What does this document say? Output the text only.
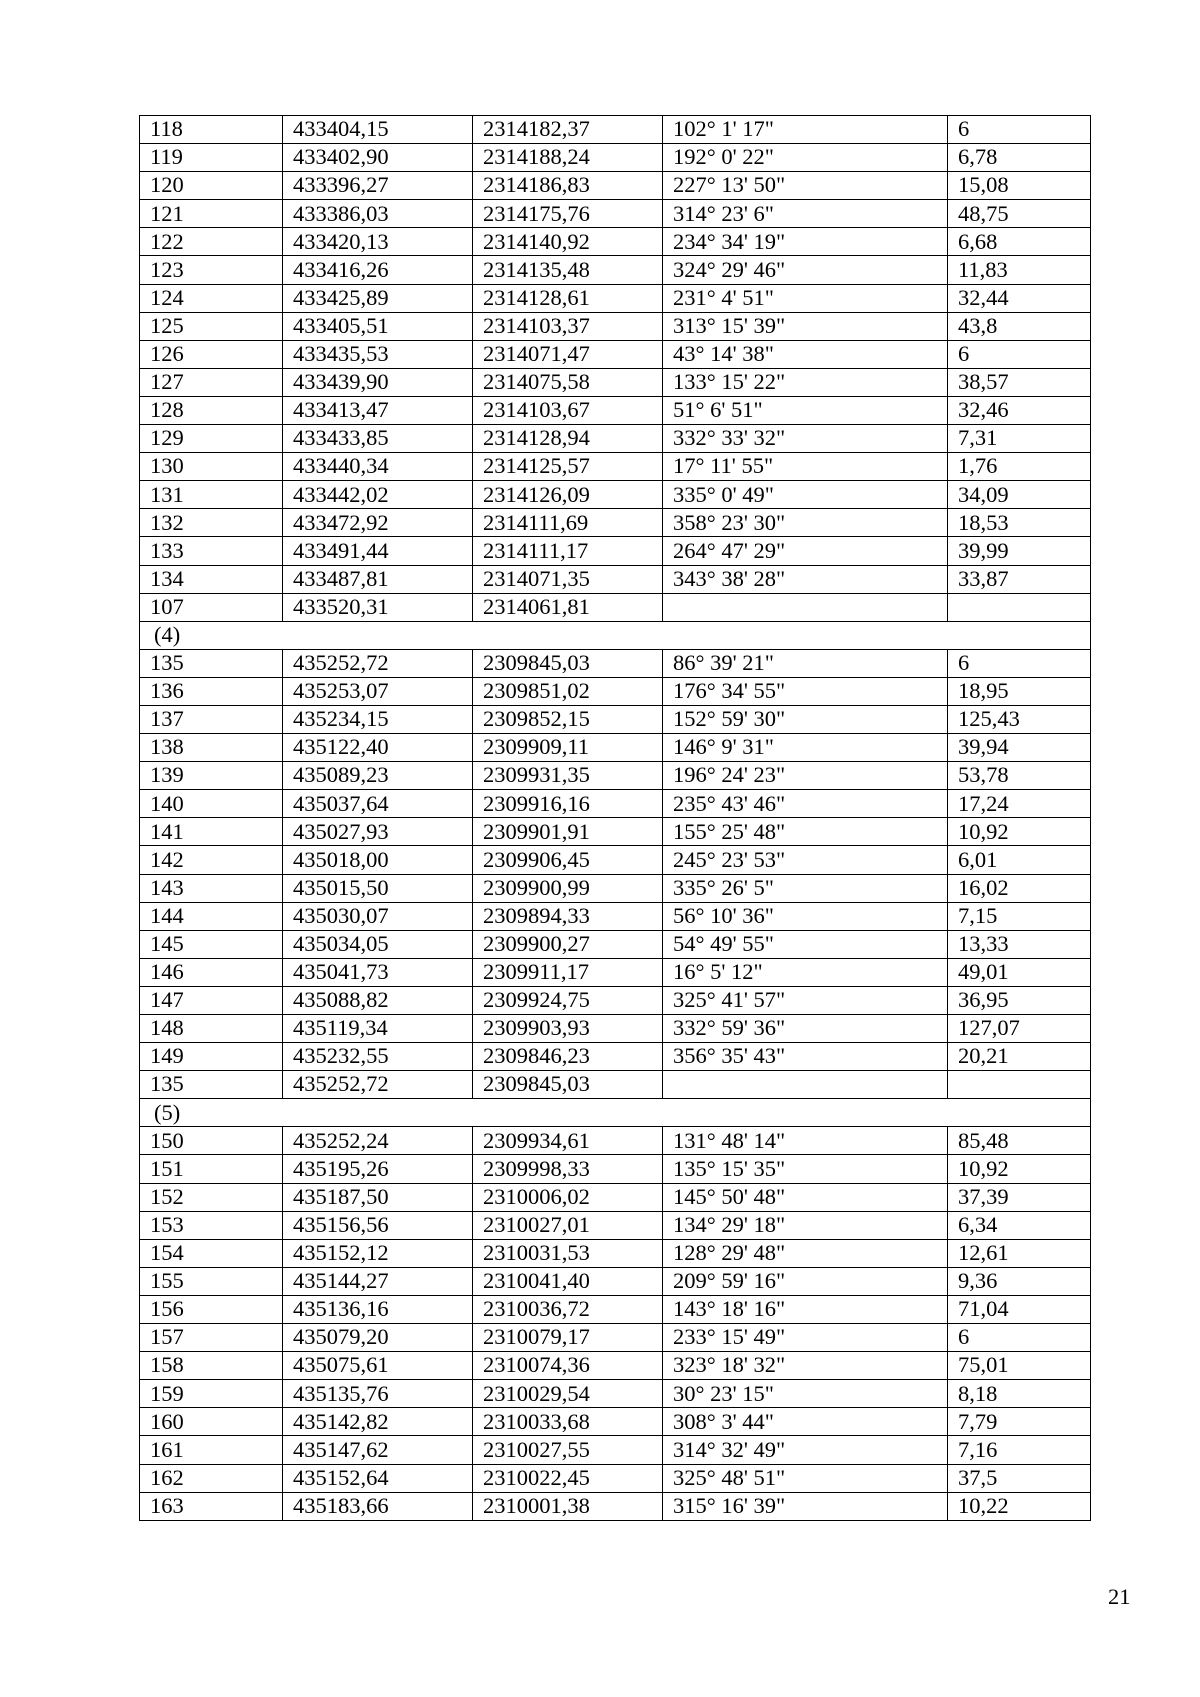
118	433404,15	2314182,37	102° 1' 17"	6
119	433402,90	2314188,24	192° 0' 22"	6,78
120	433396,27	2314186,83	227° 13' 50"	15,08
121	433386,03	2314175,76	314° 23' 6"	48,75
122	433420,13	2314140,92	234° 34' 19"	6,68
123	433416,26	2314135,48	324° 29' 46"	11,83
124	433425,89	2314128,61	231° 4' 51"	32,44
125	433405,51	2314103,37	313° 15' 39"	43,8
126	433435,53	2314071,47	43° 14' 38"	6
127	433439,90	2314075,58	133° 15' 22"	38,57
128	433413,47	2314103,67	51° 6' 51"	32,46
129	433433,85	2314128,94	332° 33' 32"	7,31
130	433440,34	2314125,57	17° 11' 55"	1,76
131	433442,02	2314126,09	335° 0' 49"	34,09
132	433472,92	2314111,69	358° 23' 30"	18,53
133	433491,44	2314111,17	264° 47' 29"	39,99
134	433487,81	2314071,35	343° 38' 28"	33,87
107	433520,31	2314061,81		
(4)				
135	435252,72	2309845,03	86° 39' 21"	6
136	435253,07	2309851,02	176° 34' 55"	18,95
137	435234,15	2309852,15	152° 59' 30"	125,43
138	435122,40	2309909,11	146° 9' 31"	39,94
139	435089,23	2309931,35	196° 24' 23"	53,78
140	435037,64	2309916,16	235° 43' 46"	17,24
141	435027,93	2309901,91	155° 25' 48"	10,92
142	435018,00	2309906,45	245° 23' 53"	6,01
143	435015,50	2309900,99	335° 26' 5"	16,02
144	435030,07	2309894,33	56° 10' 36"	7,15
145	435034,05	2309900,27	54° 49' 55"	13,33
146	435041,73	2309911,17	16° 5' 12"	49,01
147	435088,82	2309924,75	325° 41' 57"	36,95
148	435119,34	2309903,93	332° 59' 36"	127,07
149	435232,55	2309846,23	356° 35' 43"	20,21
135	435252,72	2309845,03		
(5)				
150	435252,24	2309934,61	131° 48' 14"	85,48
151	435195,26	2309998,33	135° 15' 35"	10,92
152	435187,50	2310006,02	145° 50' 48"	37,39
153	435156,56	2310027,01	134° 29' 18"	6,34
154	435152,12	2310031,53	128° 29' 48"	12,61
155	435144,27	2310041,40	209° 59' 16"	9,36
156	435136,16	2310036,72	143° 18' 16"	71,04
157	435079,20	2310079,17	233° 15' 49"	6
158	435075,61	2310074,36	323° 18' 32"	75,01
159	435135,76	2310029,54	30° 23' 15"	8,18
160	435142,82	2310033,68	308° 3' 44"	7,79
161	435147,62	2310027,55	314° 32' 49"	7,16
162	435152,64	2310022,45	325° 48' 51"	37,5
163	435183,66	2310001,38	315° 16' 39"	10,22
21
